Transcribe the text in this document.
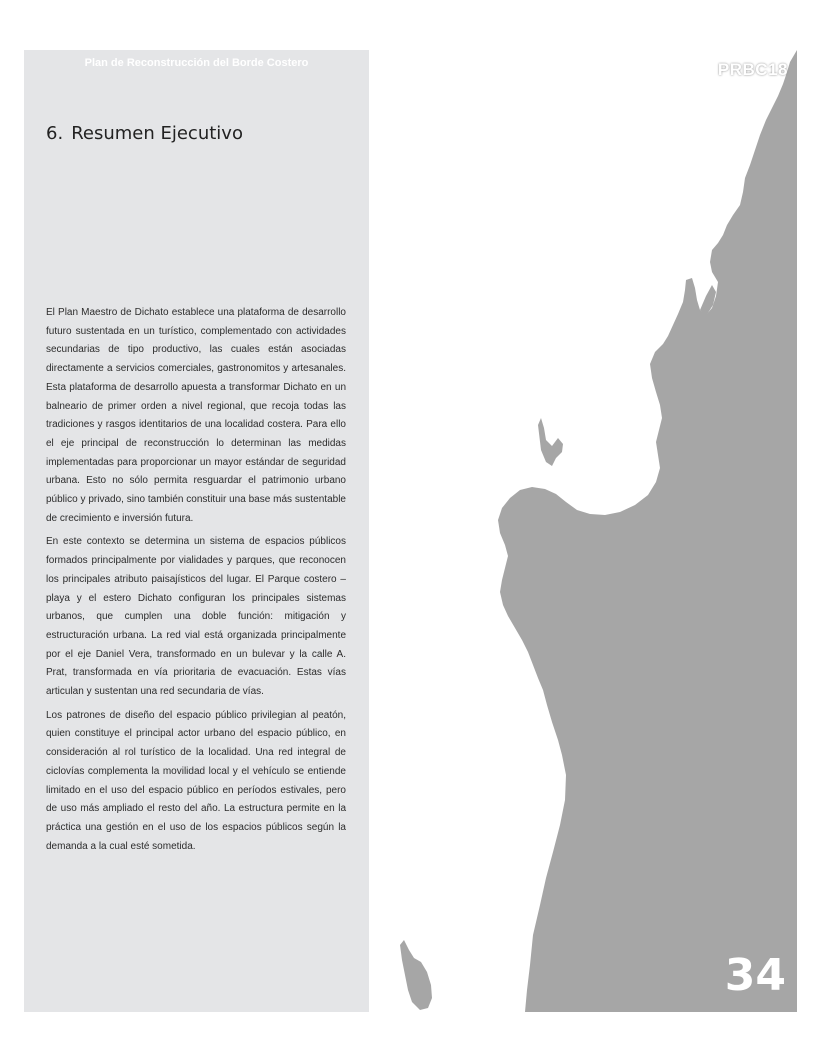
Plan de Reconstrucción del Borde Costero
6. Resumen Ejecutivo

El Plan Maestro de Dichato establece una plataforma de desarrollo futuro sustentada en un turístico, complementado con actividades secundarias de tipo productivo, las cuales están asociadas directamente a servicios comerciales, gastronomitos y artesanales. Esta plataforma de desarrollo apuesta a transformar Dichato en un balneario de primer orden a nivel regional, que recoja todas las tradiciones y rasgos identitarios de una localidad costera. Para ello el eje principal de reconstrucción lo determinan las medidas implementadas para proporcionar un mayor estándar de seguridad urbana. Esto no sólo permita resguardar el patrimonio urbano público y privado, sino también constituir una base más sustentable de crecimiento e inversión futura.

En este contexto se determina un sistema de espacios públicos formados principalmente por vialidades y parques, que reconocen los principales atributo paisajísticos del lugar. El Parque costero – playa y el estero Dichato configuran los principales sistemas urbanos, que cumplen una doble función: mitigación y estructuración urbana. La red vial está organizada principalmente por el eje Daniel Vera, transformado en un bulevar y la calle A. Prat, transformada en vía prioritaria de evacuación. Estas vías articulan y sustentan una red secundaria de vías.

Los patrones de diseño del espacio público privilegian al peatón, quien constituye el principal actor urbano del espacio público, en consideración al rol turístico de la localidad. Una red integral de ciclovías complementa la movilidad local y el vehículo se entiende limitado en el uso del espacio público en períodos estivales, pero de uso más ampliado el resto del año. La estructura permite en la práctica una gestión en el uso de los espacios públicos según la demanda a la cual esté sometida.

PRBC18
34
